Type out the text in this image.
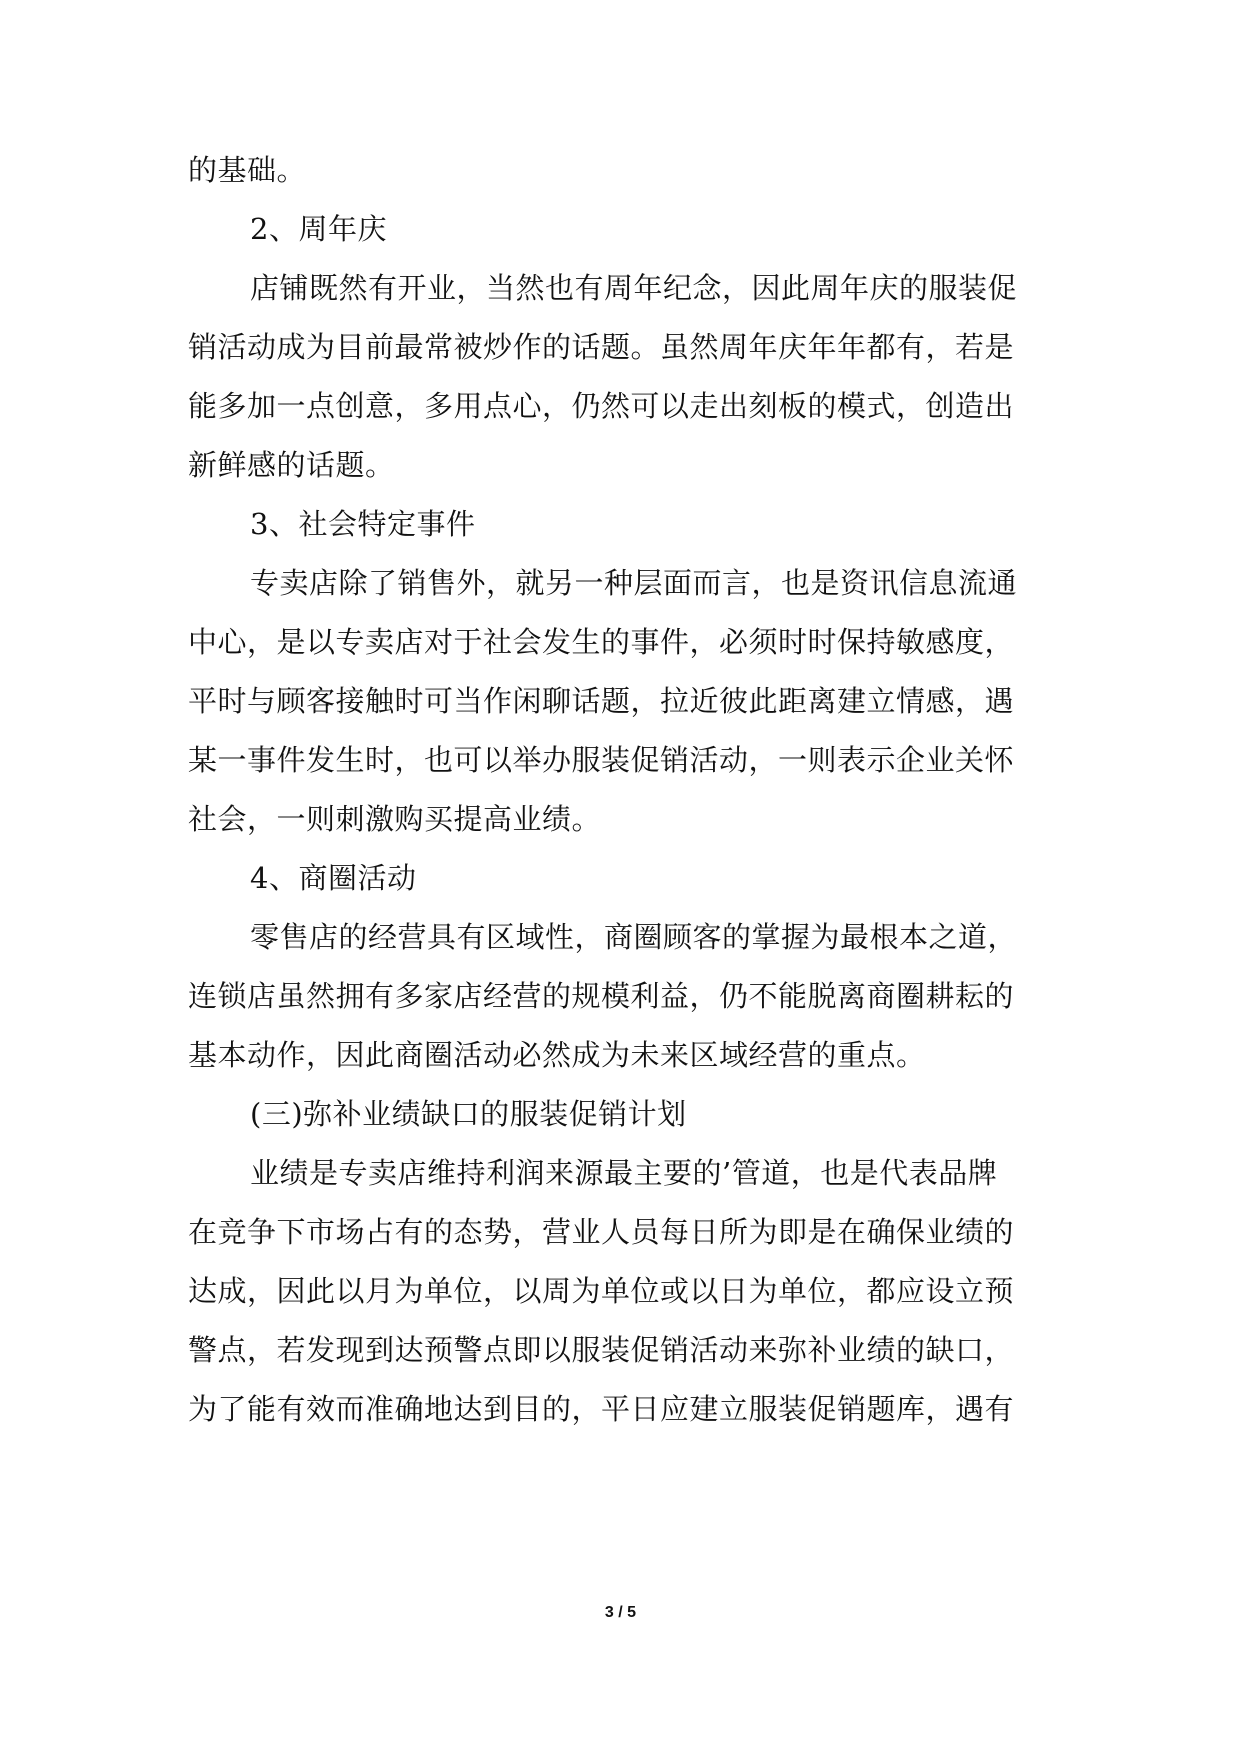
的基础。
2、周年庆
店铺既然有开业，当然也有周年纪念，因此周年庆的服装促
销活动成为目前最常被炒作的话题。虽然周年庆年年都有，若是
能多加一点创意，多用点心，仍然可以走出刻板的模式，创造出
新鲜感的话题。
3、社会特定事件
专卖店除了销售外，就另一种层面而言，也是资讯信息流通
中心，是以专卖店对于社会发生的事件，必须时时保持敏感度，
平时与顾客接触时可当作闲聊话题，拉近彼此距离建立情感，遇
某一事件发生时，也可以举办服装促销活动，一则表示企业关怀
社会，一则刺激购买提高业绩。
4、商圈活动
零售店的经营具有区域性，商圈顾客的掌握为最根本之道，
连锁店虽然拥有多家店经营的规模利益，仍不能脱离商圈耕耘的
基本动作，因此商圈活动必然成为未来区域经营的重点。
(三)弥补业绩缺口的服装促销计划
业绩是专卖店维持利润来源最主要的’管道，也是代表品牌
在竞争下市场占有的态势，营业人员每日所为即是在确保业绩的
达成，因此以月为单位，以周为单位或以日为单位，都应设立预
警点，若发现到达预警点即以服装促销活动来弥补业绩的缺口，
为了能有效而准确地达到目的，平日应建立服装促销题库，遇有
3 / 5
